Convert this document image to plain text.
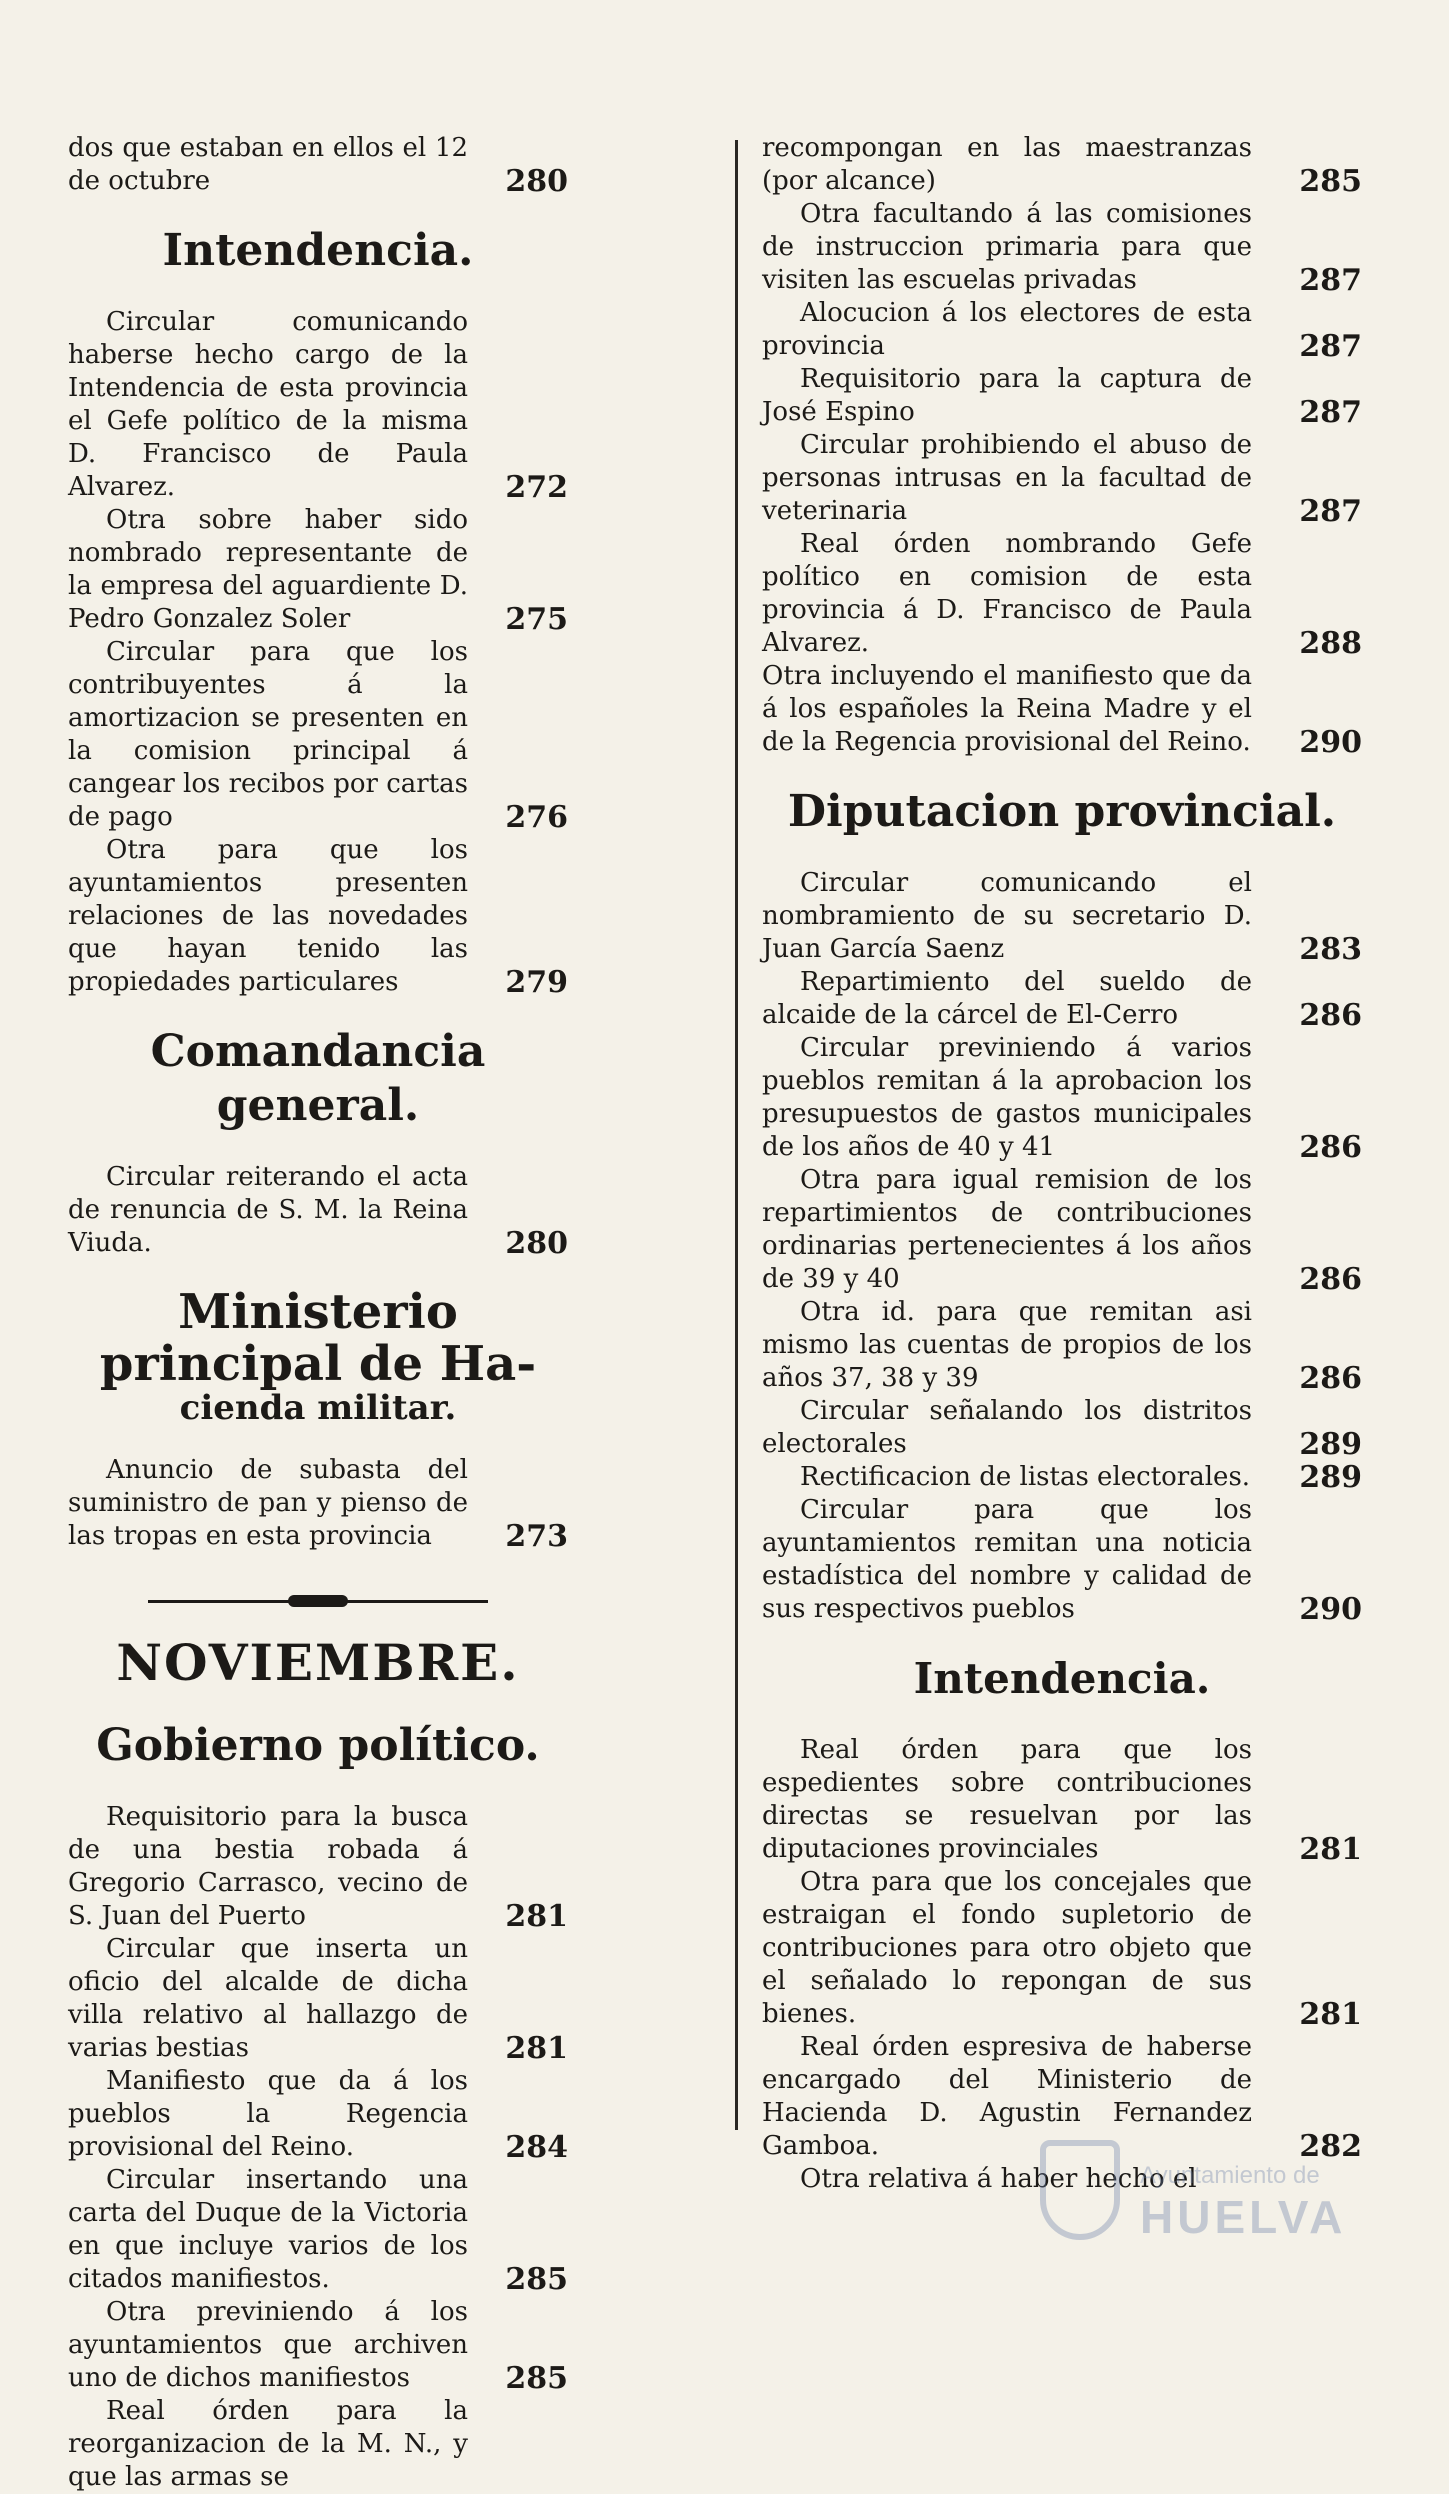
dos que estaban en ellos el 12 de octubre	280

Intendencia.

Circular comunicando haberse hecho cargo de la Intendencia de esta provincia el Gefe político de la misma D. Francisco de Paula Alvarez.	272

Otra sobre haber sido nombrado representante de la empresa del aguardiente D. Pedro Gonzalez Soler	275

Circular para que los contribuyentes á la amortizacion se presenten en la comision principal á cangear los recibos por cartas de pago	276

Otra para que los ayuntamientos presenten relaciones de las novedades que hayan tenido las propiedades particulares	279

Comandancia general.

Circular reiterando el acta de renuncia de S. M. la Reina Viuda.	280

Ministerio principal de Ha-
cienda militar.

Anuncio de subasta del suministro de pan y pienso de las tropas en esta provincia	273

NOVIEMBRE.
Gobierno político.

Requisitorio para la busca de una bestia robada á Gregorio Carrasco, vecino de S. Juan del Puerto	281

Circular que inserta un oficio del alcalde de dicha villa relativo al hallazgo de varias bestias	281

Manifiesto que da á los pueblos la Regencia provisional del Reino.	284

Circular insertando una carta del Duque de la Victoria en que incluye varios de los citados manifiestos.	285

Otra previniendo á los ayuntamientos que archiven uno de dichos manifiestos	285

Real órden para la reorganizacion de la M. N., y que las armas se

recompongan en las maestranzas (por alcance)	285

Otra facultando á las comisiones de instruccion primaria para que visiten las escuelas privadas	287

Alocucion á los electores de esta provincia	287

Requisitorio para la captura de José Espino	287

Circular prohibiendo el abuso de personas intrusas en la facultad de veterinaria	287

Real órden nombrando Gefe político en comision de esta provincia á D. Francisco de Paula Alvarez.	288

Otra incluyendo el manifiesto que da á los españoles la Reina Madre y el de la Regencia provisional del Reino.	290

Diputacion provincial.

Circular comunicando el nombramiento de su secretario D. Juan García Saenz	283

Repartimiento del sueldo de alcaide de la cárcel de El-Cerro	286

Circular previniendo á varios pueblos remitan á la aprobacion los presupuestos de gastos municipales de los años de 40 y 41	286

Otra para igual remision de los repartimientos de contribuciones ordinarias pertenecientes á los años de 39 y 40	286

Otra id. para que remitan asi mismo las cuentas de propios de los años 37, 38 y 39	286

Circular señalando los distritos electorales	289

Rectificacion de listas electorales.	289

Circular para que los ayuntamientos remitan una noticia estadística del nombre y calidad de sus respectivos pueblos	290

Intendencia.

Real órden para que los espedientes sobre contribuciones directas se resuelvan por las diputaciones provinciales	281

Otra para que los concejales que estraigan el fondo supletorio de contribuciones para otro objeto que el señalado lo repongan de sus bienes.	281

Real órden espresiva de haberse encargado del Ministerio de Hacienda D. Agustin Fernandez Gamboa.	282

Otra relativa á haber hecho el

Ayuntamiento de
HUELVA
